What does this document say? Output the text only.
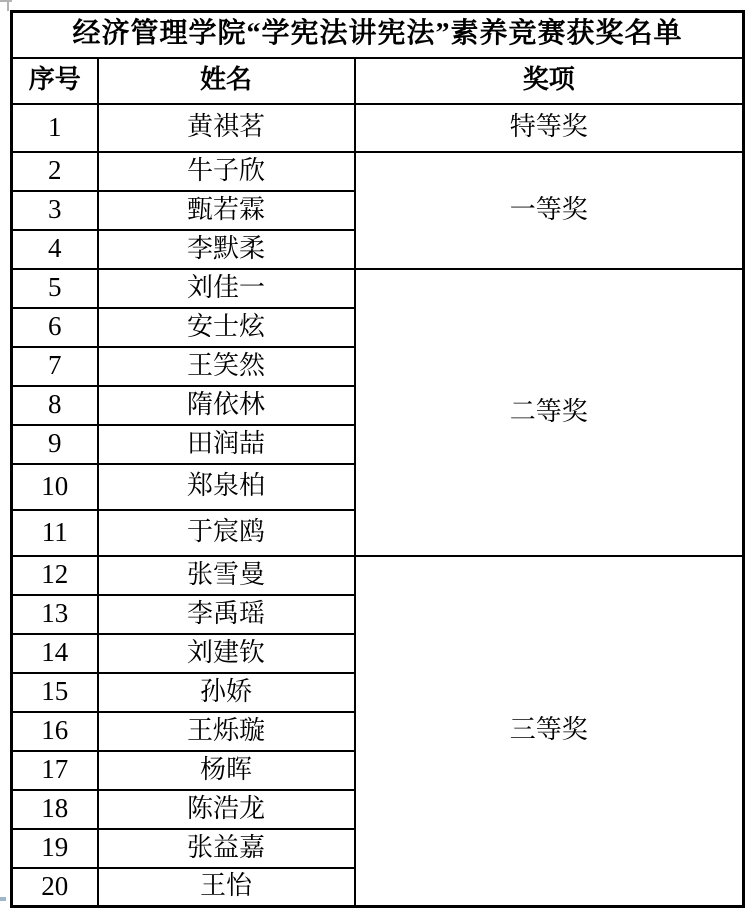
经济管理学院“学宪法讲宪法”素养竞赛获奖名单		
序号	姓名	奖项
1	黄祺茗	特等奖
2	牛子欣	一等奖
3	甄若霖	
4	李默柔	
5	刘佳一	二等奖
6	安士炫	
7	王笑然	
8	隋依林	
9	田润喆	
10	郑泉柏	
11	于宸鸥	
12	张雪曼	三等奖
13	李禹瑶	
14	刘建钦	
15	孙娇	
16	王烁璇	
17	杨晖	
18	陈浩龙	
19	张益嘉	
20	王怡	
